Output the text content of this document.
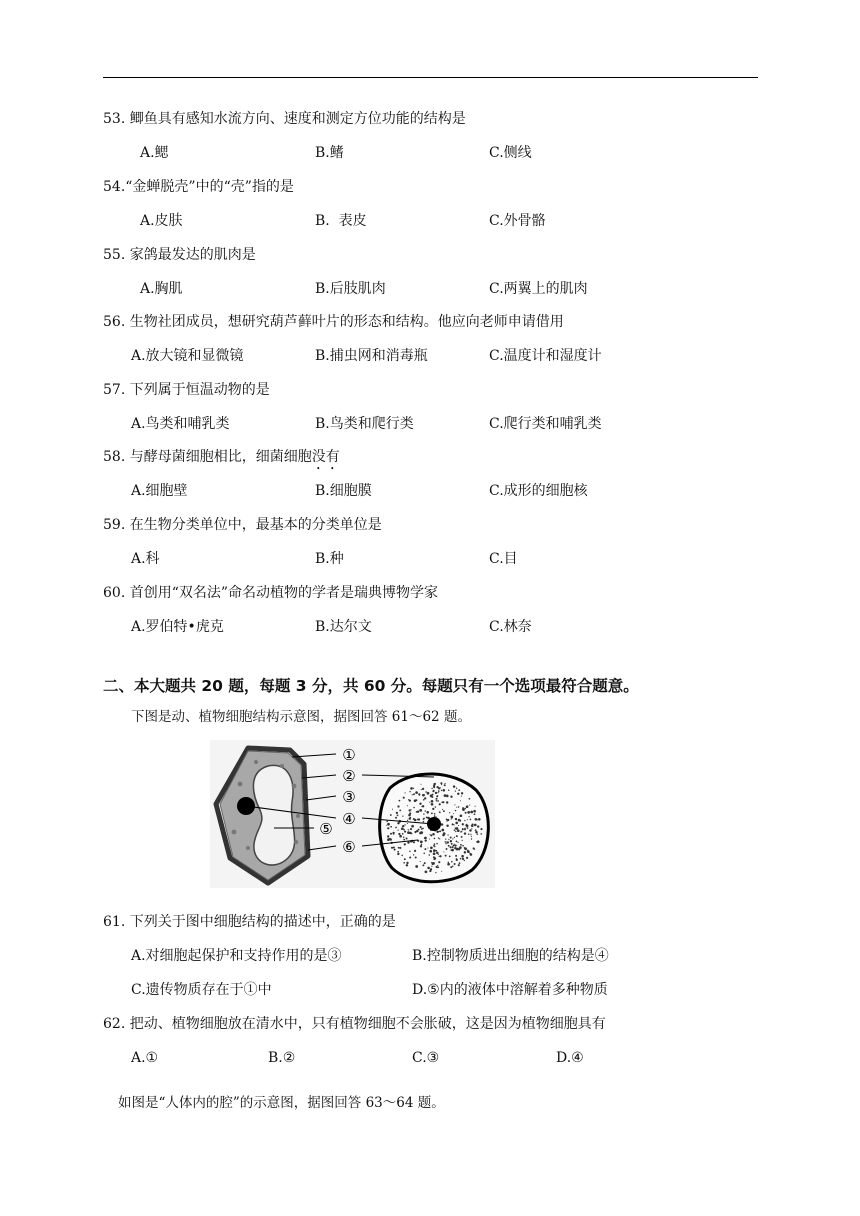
53. 鲫鱼具有感知水流方向、速度和测定方位功能的结构是
A.鳃	B.鳍	C.侧线
54.“金蝉脱壳”中的“壳”指的是
A.皮肤	B.  表皮	C.外骨骼
55. 家鸽最发达的肌肉是
A.胸肌	B.后肢肌肉	C.两翼上的肌肉
56. 生物社团成员，想研究葫芦藓叶片的形态和结构。他应向老师申请借用
A.放大镜和显微镜	B.捕虫网和消毒瓶	C.温度计和湿度计
57. 下列属于恒温动物的是
A.鸟类和哺乳类	B.鸟类和爬行类	C.爬行类和哺乳类
58. 与酵母菌细胞相比，细菌细胞没有
A.细胞壁	B.细胞膜	C.成形的细胞核
59. 在生物分类单位中，最基本的分类单位是
A.科	B.种	C.目
60. 首创用“双名法”命名动植物的学者是瑞典博物学家
A.罗伯特•虎克	B.达尔文	C.林奈
二、本大题共 20 题，每题 3 分，共 60 分。每题只有一个选项最符合题意。
下图是动、植物细胞结构示意图，据图回答 61～62 题。
①
②
③
④
⑤
⑥
61. 下列关于图中细胞结构的描述中，正确的是
A.对细胞起保护和支持作用的是③	B.控制物质进出细胞的结构是④
C.遗传物质存在于①中	D.⑤内的液体中溶解着多种物质
62. 把动、植物细胞放在清水中，只有植物细胞不会胀破，这是因为植物细胞具有
A.①	B.②	C.③	D.④
如图是“人体内的腔”的示意图，据图回答 63～64 题。
